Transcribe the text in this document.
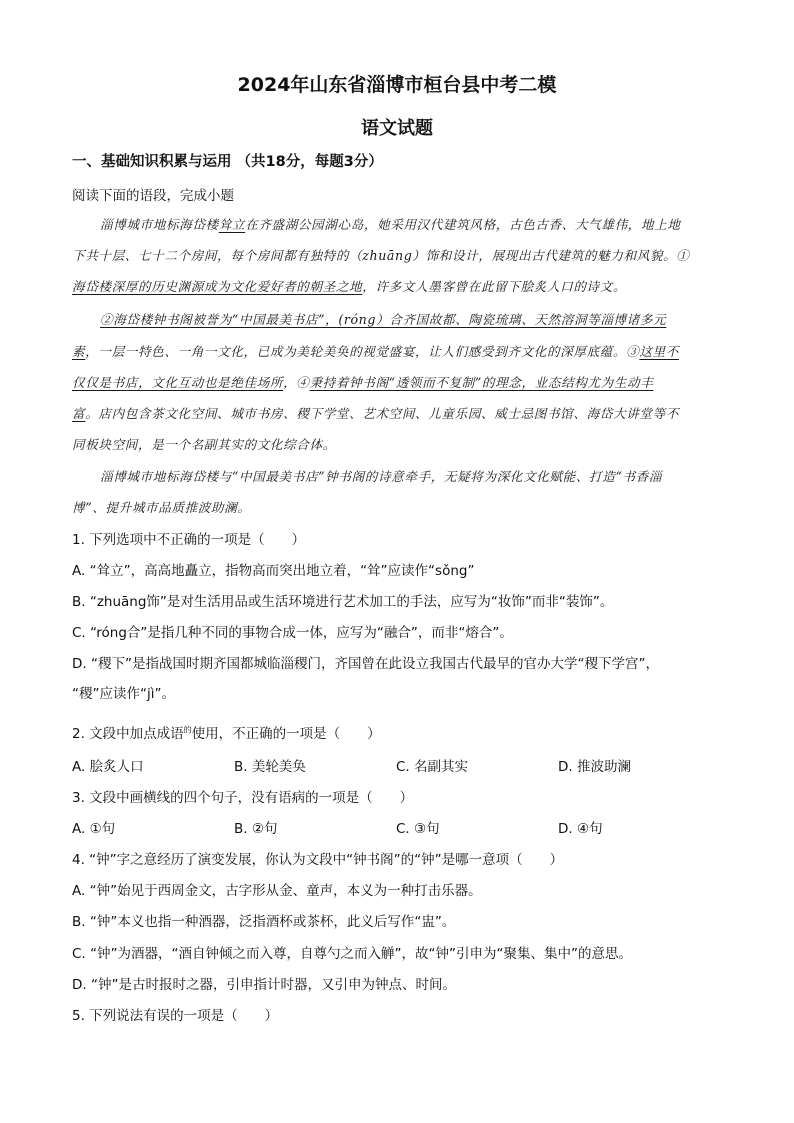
2024年山东省淄博市桓台县中考二模
语文试题
一、基础知识积累与运用 （共18分，每题3分）
阅读下面的语段，完成小题
淄博城市地标海岱楼耸立在齐盛湖公园湖心岛，她采用汉代建筑风格，古色古香、大气雄伟，地上地
下共十层、七十二个房间，每个房间都有独特的（zhuāng）饰和设计，展现出古代建筑的魅力和风貌。①
海岱楼深厚的历史渊源成为文化爱好者的朝圣之地，许多文人墨客曾在此留下脍炙人口的诗文。
②海岱楼钟书阁被誉为“中国最美书店”，(róng）合齐国故都、陶瓷琉璃、天然溶洞等淄博诸多元
素，一层一特色、一角一文化，已成为美轮美奂的视觉盛宴，让人们感受到齐文化的深厚底蕴。③这里不
仅仅是书店，文化互动也是绝佳场所，④秉持着钟书阁“透领而不复制”的理念，业态结构尤为生动丰
富。店内包含茶文化空间、城市书房、稷下学堂、艺术空间、儿童乐园、威士忌图书馆、海岱大讲堂等不
同板块空间，是一个名副其实的文化综合体。
淄博城市地标海岱楼与“中国最美书店”钟书阁的诗意牵手，无疑将为深化文化赋能、打造“书香淄
博”、提升城市品质推波助澜。
1. 下列选项中不正确的一项是（　　）
A. “耸立”，高高地矗立，指物高而突出地立着，“耸”应读作“sǒng”
B. “zhuāng饰”是对生活用品或生活环境进行艺术加工的手法，应写为“妆饰”而非“装饰”。
C. “róng合”是指几种不同的事物合成一体，应写为“融合”，而非“熔合”。
D. “稷下”是指战国时期齐国都城临淄稷门，齐国曾在此设立我国古代最早的官办大学“稷下学宫”，
“稷”应读作“jì”。
2. 文段中加点成语$^的$使用，不正确的一项是（　　）
A. 脍炙人口	B. 美轮美奂	C. 名副其实	D. 推波助澜
3. 文段中画横线的四个句子，没有语病的一项是（　　）
A. ①句	B. ②句	C. ③句	D. ④句
4. “钟”字之意经历了演变发展，你认为文段中“钟书阁”的“钟”是哪一意项（　　）
A. “钟”始见于西周金文，古字形从金、童声，本义为一种打击乐器。
B. “钟”本义也指一种酒器，泛指酒杯或茶杯，此义后写作“盅”。
C. “钟”为酒器，“酒自钟倾之而入尊，自尊勺之而入觯”，故“钟”引申为“聚集、集中”的意思。
D. “钟”是古时报时之器，引申指计时器，又引申为钟点、时间。
5. 下列说法有误的一项是（　　）
